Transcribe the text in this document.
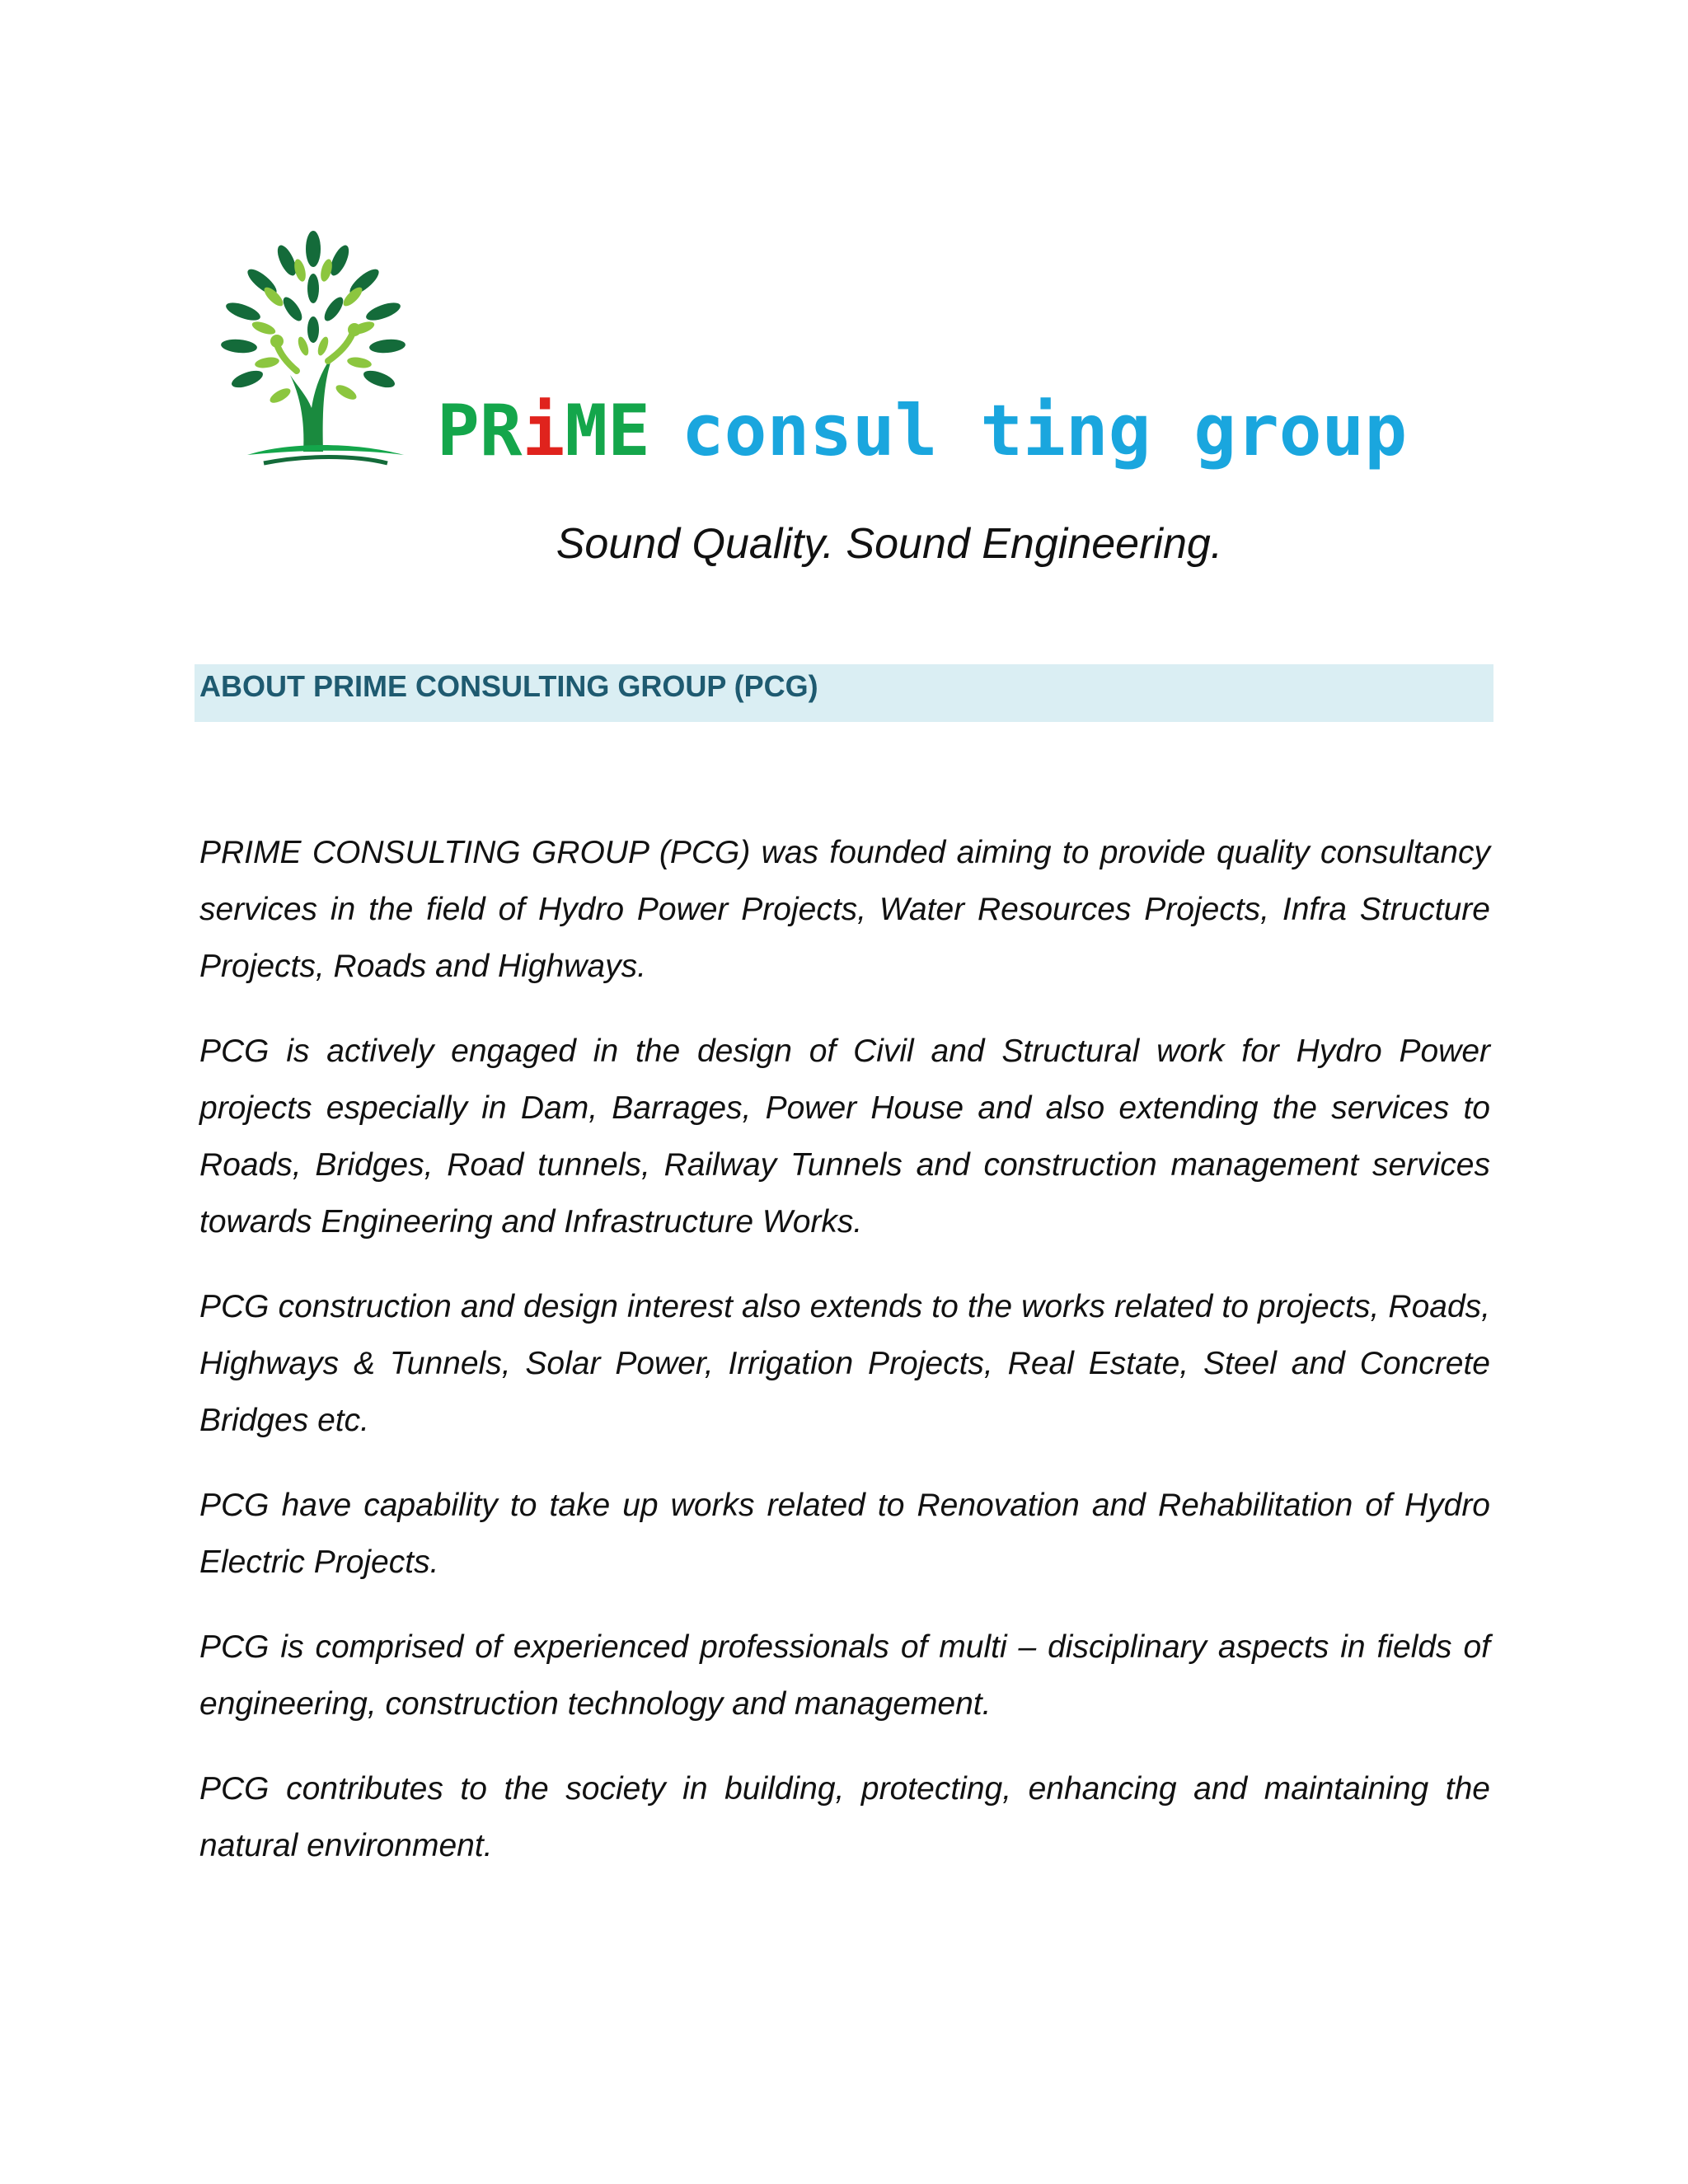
PRiME consul ting group
Sound Quality. Sound Engineering.
ABOUT PRIME CONSULTING GROUP (PCG)

PRIME CONSULTING GROUP (PCG) was founded aiming to provide quality consultancy services in the field of Hydro Power Projects, Water Resources Projects, Infra Structure Projects, Roads and Highways.

PCG is actively engaged in the design of Civil and Structural work for Hydro Power projects especially in Dam, Barrages, Power House and also extending the services to Roads, Bridges, Road tunnels, Railway Tunnels and construction management services towards Engineering and Infrastructure Works.

PCG construction and design interest also extends to the works related to projects, Roads, Highways & Tunnels, Solar Power, Irrigation Projects, Real Estate, Steel and Concrete Bridges etc.

PCG have capability to take up works related to Renovation and Rehabilitation of Hydro Electric Projects.

PCG is comprised of experienced professionals of multi – disciplinary aspects in fields of engineering, construction technology and management.

PCG contributes to the society in building, protecting, enhancing and maintaining the natural environment.
